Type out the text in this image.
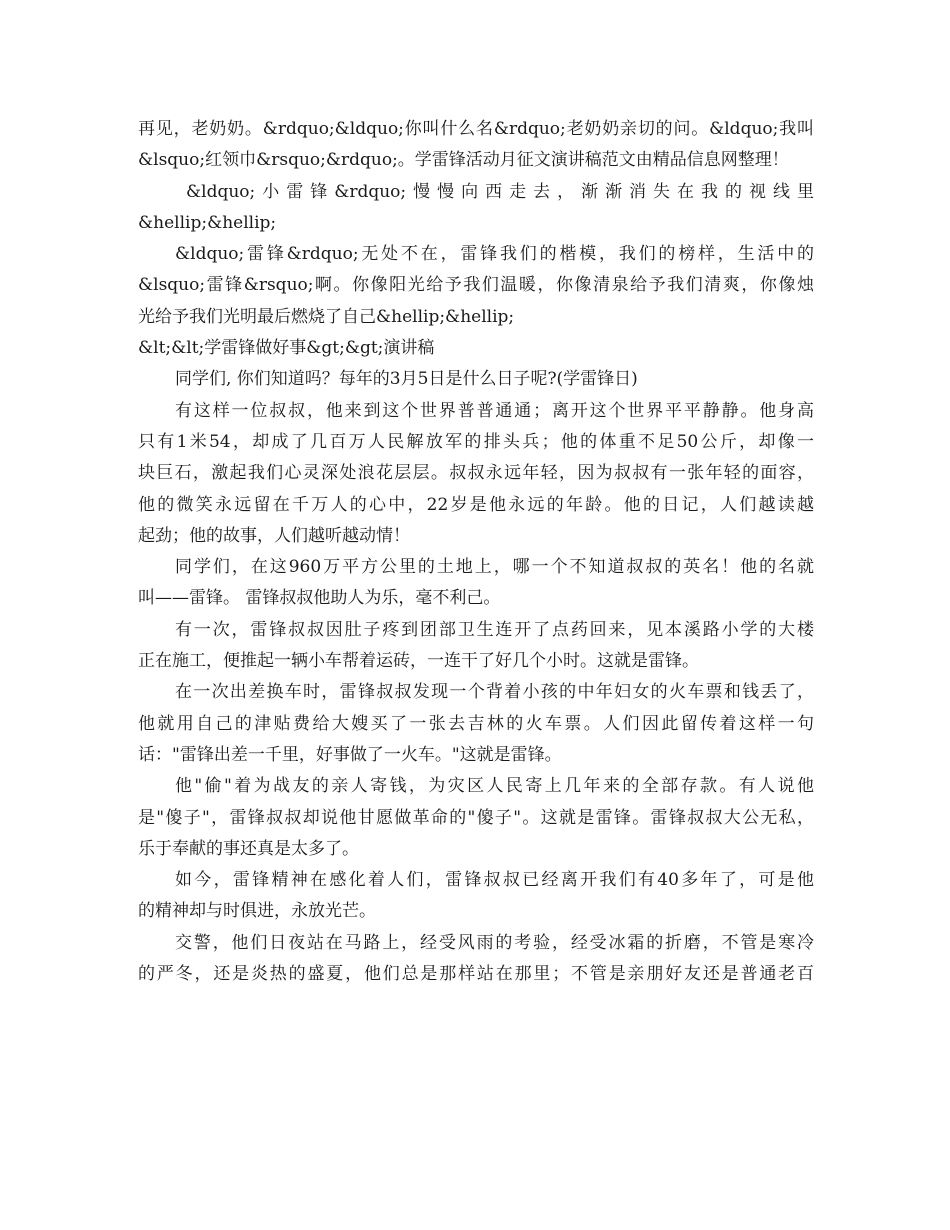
再见，老奶奶。&rdquo;&ldquo;你叫什么名&rdquo;老奶奶亲切的问。&ldquo;我叫
&lsquo;红领巾&rsquo;&rdquo;。学雷锋活动月征文演讲稿范文由精品信息网整理！
&ldquo;小雷锋&rdquo;慢慢向西走去，渐渐消失在我的视线里
&hellip;&hellip;
&ldquo;雷锋&rdquo;无处不在，雷锋我们的楷模，我们的榜样，生活中的
&lsquo;雷锋&rsquo;啊。你像阳光给予我们温暖，你像清泉给予我们清爽，你像烛
光给予我们光明最后燃烧了自己&hellip;&hellip;
&lt;&lt;学雷锋做好事&gt;&gt;演讲稿
同学们, 你们知道吗？每年的3月5日是什么日子呢?(学雷锋日)
有这样一位叔叔，他来到这个世界普普通通；离开这个世界平平静静。他身高
只有1米54，却成了几百万人民解放军的排头兵；他的体重不足50公斤，却像一
块巨石，激起我们心灵深处浪花层层。叔叔永远年轻，因为叔叔有一张年轻的面容，
他的微笑永远留在千万人的心中，22岁是他永远的年龄。他的日记，人们越读越
起劲；他的故事，人们越听越动情！
同学们，在这960万平方公里的土地上，哪一个不知道叔叔的英名！他的名就
叫——雷锋。 雷锋叔叔他助人为乐，毫不利己。
有一次，雷锋叔叔因肚子疼到团部卫生连开了点药回来，见本溪路小学的大楼
正在施工，便推起一辆小车帮着运砖，一连干了好几个小时。这就是雷锋。
在一次出差换车时，雷锋叔叔发现一个背着小孩的中年妇女的火车票和钱丢了，
他就用自己的津贴费给大嫂买了一张去吉林的火车票。人们因此留传着这样一句
话："雷锋出差一千里，好事做了一火车。"这就是雷锋。
他"偷"着为战友的亲人寄钱，为灾区人民寄上几年来的全部存款。有人说他
是"傻子"，雷锋叔叔却说他甘愿做革命的"傻子"。这就是雷锋。雷锋叔叔大公无私，
乐于奉献的事还真是太多了。
如今，雷锋精神在感化着人们，雷锋叔叔已经离开我们有40多年了，可是他
的精神却与时俱进，永放光芒。
交警，他们日夜站在马路上，经受风雨的考验，经受冰霜的折磨，不管是寒冷
的严冬，还是炎热的盛夏，他们总是那样站在那里；不管是亲朋好友还是普通老百
